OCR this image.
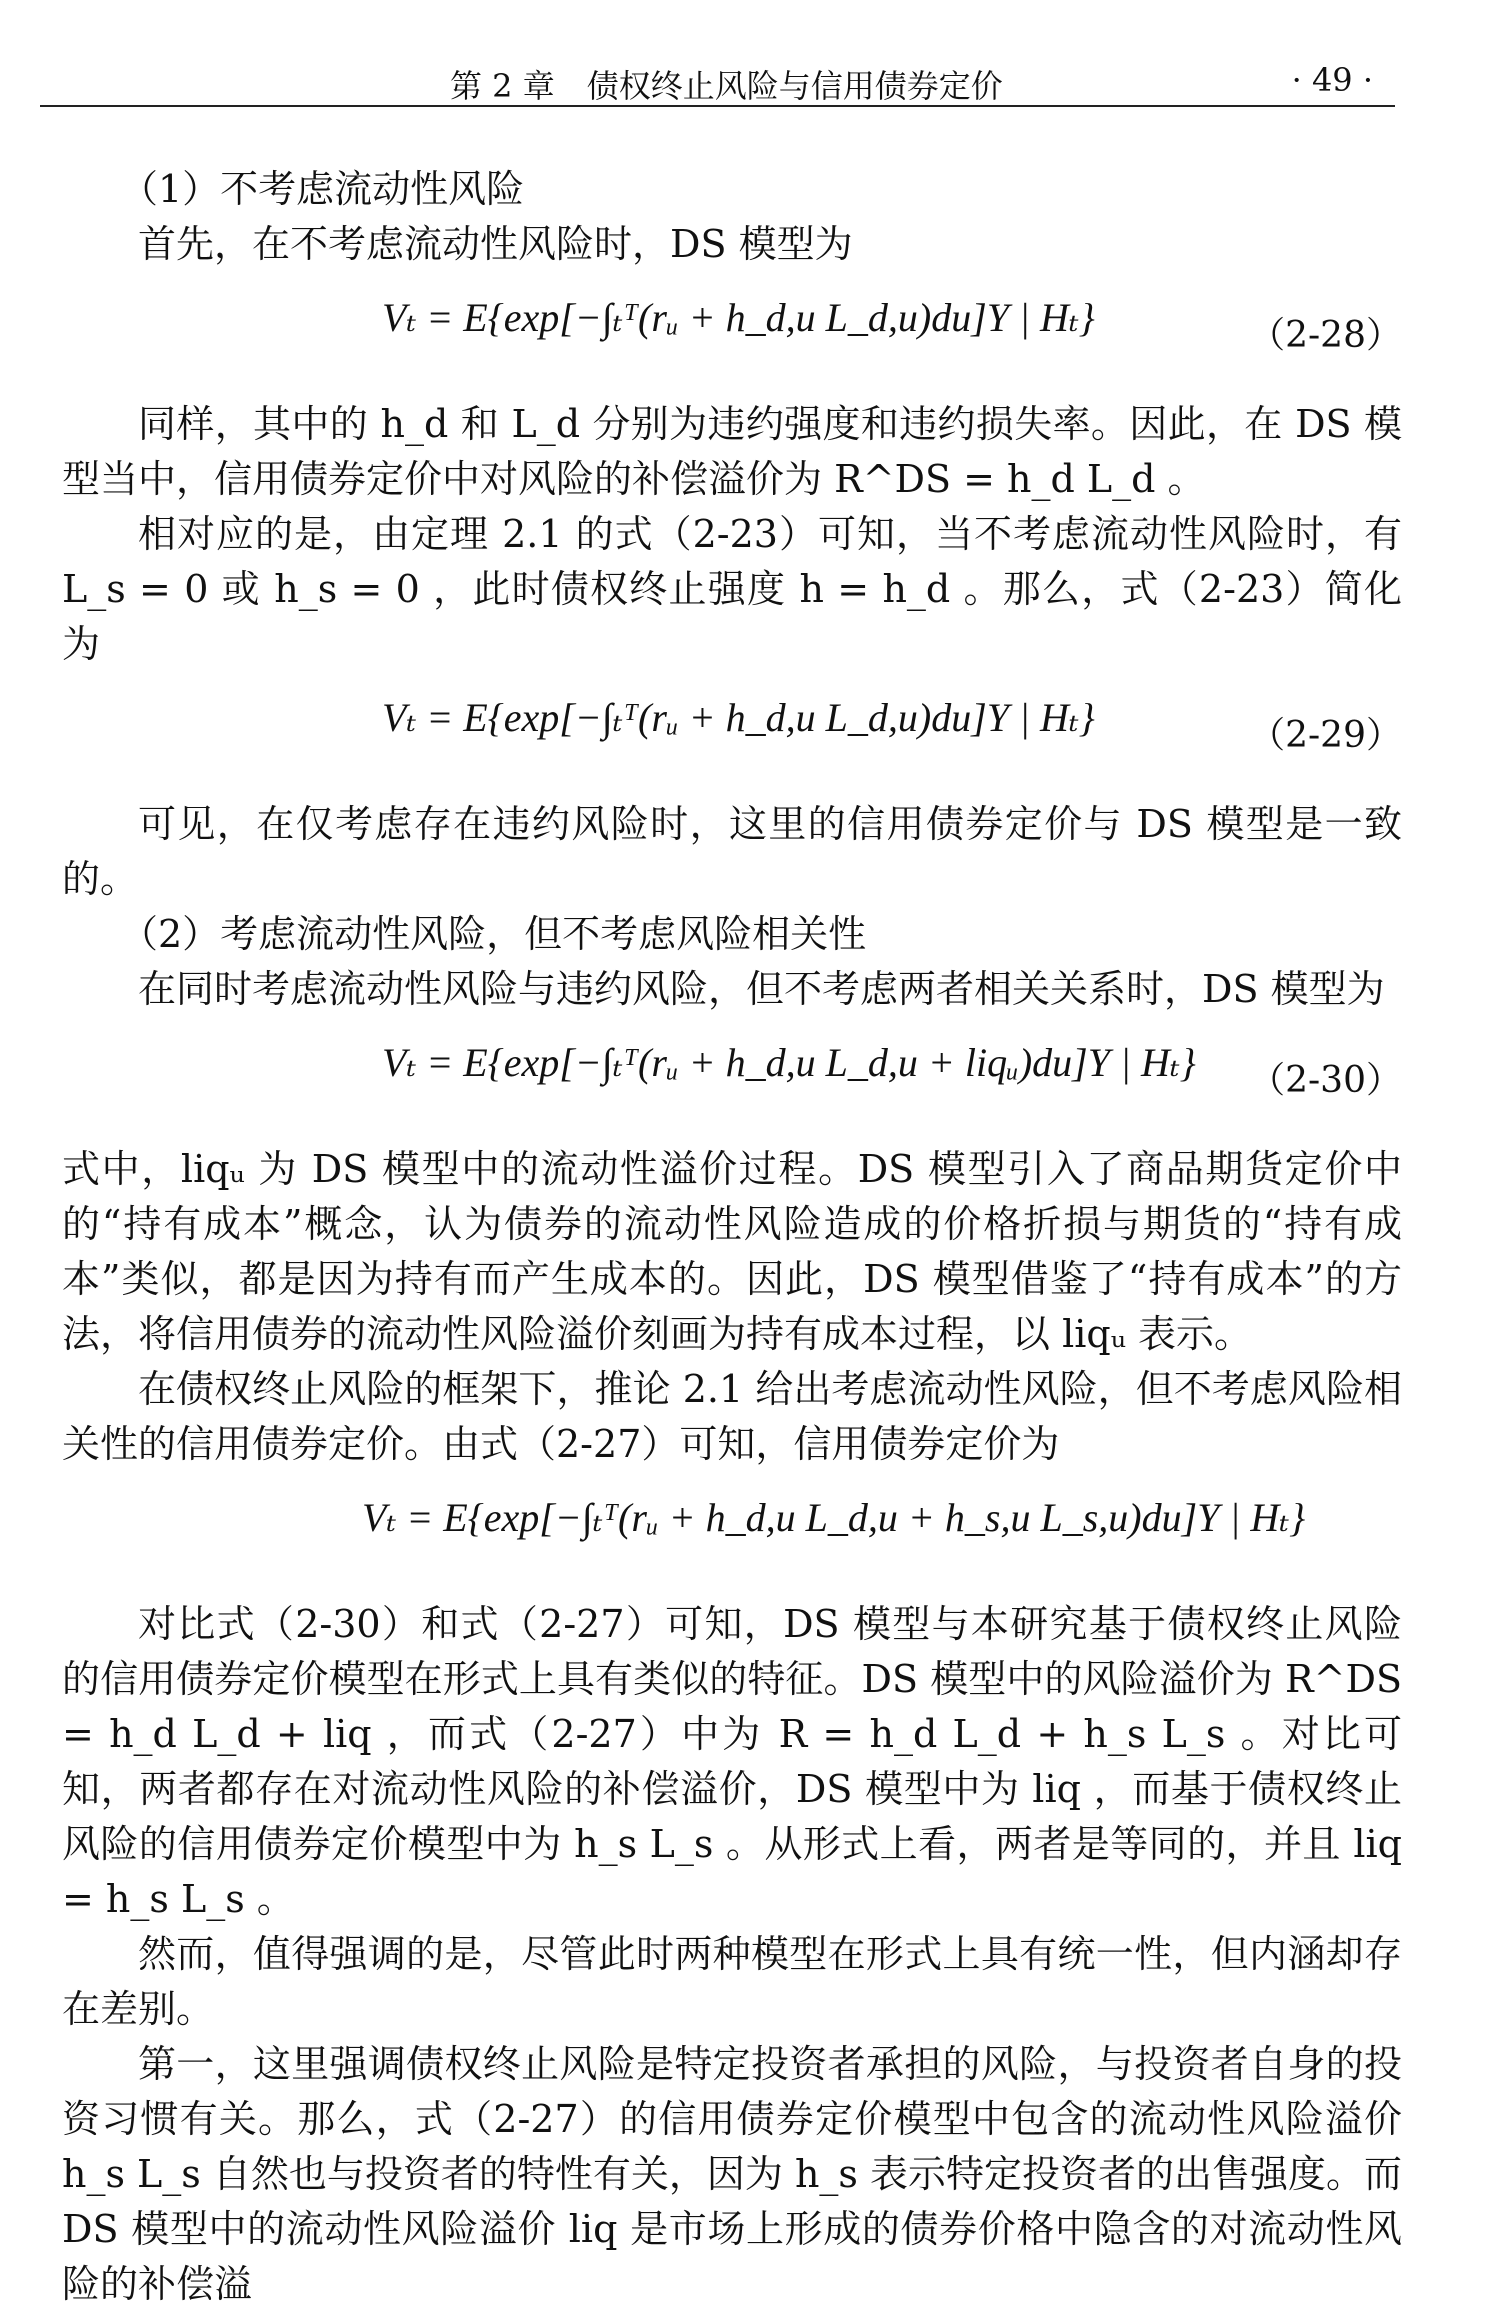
第 2 章　债权终止风险与信用债券定价	· 49 ·

（1）不考虑流动性风险

首先，在不考虑流动性风险时，DS 模型为

Vₜ = E{exp[−∫ₜᵀ(rᵤ + h_d,u L_d,u)du]Y | Hₜ}	（2-28）

同样，其中的 h_d 和 L_d 分别为违约强度和违约损失率。因此，在 DS 模型当中，信用债券定价中对风险的补偿溢价为 R^DS = h_d L_d 。

相对应的是，由定理 2.1 的式（2-23）可知，当不考虑流动性风险时，有 L_s = 0 或 h_s = 0 ，此时债权终止强度 h = h_d 。那么，式（2-23）简化为

Vₜ = E{exp[−∫ₜᵀ(rᵤ + h_d,u L_d,u)du]Y | Hₜ}	（2-29）

可见，在仅考虑存在违约风险时，这里的信用债券定价与 DS 模型是一致的。

（2）考虑流动性风险，但不考虑风险相关性

在同时考虑流动性风险与违约风险，但不考虑两者相关关系时，DS 模型为

Vₜ = E{exp[−∫ₜᵀ(rᵤ + h_d,u L_d,u + liqᵤ)du]Y | Hₜ} （2-30）

式中，liqᵤ 为 DS 模型中的流动性溢价过程。DS 模型引入了商品期货定价中的“持有成本”概念，认为债券的流动性风险造成的价格折损与期货的“持有成本”类似，都是因为持有而产生成本的。因此，DS 模型借鉴了“持有成本”的方法，将信用债券的流动性风险溢价刻画为持有成本过程，以 liqᵤ 表示。

在债权终止风险的框架下，推论 2.1 给出考虑流动性风险，但不考虑风险相关性的信用债券定价。由式（2-27）可知，信用债券定价为

Vₜ = E{exp[−∫ₜᵀ(rᵤ + h_d,u L_d,u + h_s,u L_s,u)du]Y | Hₜ}

对比式（2-30）和式（2-27）可知，DS 模型与本研究基于债权终止风险的信用债券定价模型在形式上具有类似的特征。DS 模型中的风险溢价为 R^DS = h_d L_d + liq ，而式（2-27）中为 R = h_d L_d + h_s L_s 。对比可知，两者都存在对流动性风险的补偿溢价，DS 模型中为 liq ，而基于债权终止风险的信用债券定价模型中为 h_s L_s 。从形式上看，两者是等同的，并且 liq = h_s L_s 。

然而，值得强调的是，尽管此时两种模型在形式上具有统一性，但内涵却存在差别。

第一，这里强调债权终止风险是特定投资者承担的风险，与投资者自身的投资习惯有关。那么，式（2-27）的信用债券定价模型中包含的流动性风险溢价 h_s L_s 自然也与投资者的特性有关，因为 h_s 表示特定投资者的出售强度。而 DS 模型中的流动性风险溢价 liq 是市场上形成的债券价格中隐含的对流动性风险的补偿溢
